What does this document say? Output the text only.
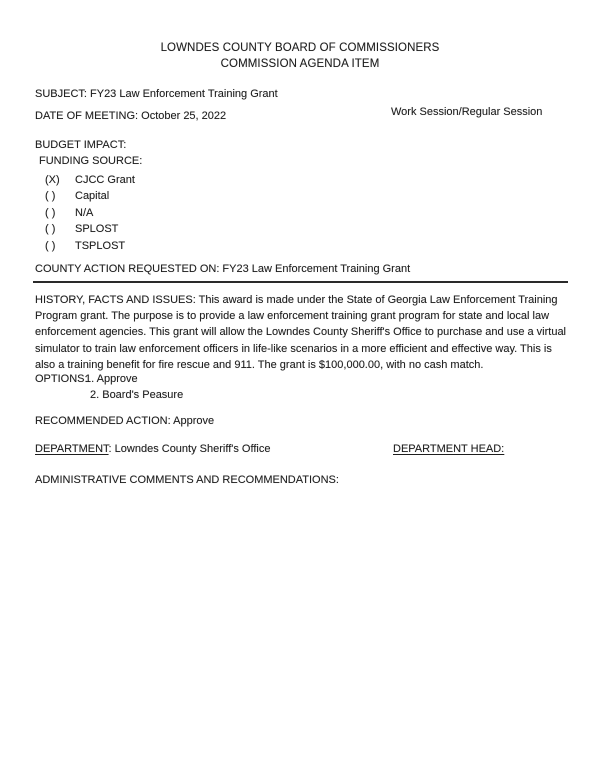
LOWNDES COUNTY BOARD OF COMMISSIONERS
COMMISSION AGENDA ITEM
SUBJECT: FY23 Law Enforcement Training Grant
DATE OF MEETING: October 25, 2022	Work Session/Regular Session
BUDGET IMPACT:
FUNDING SOURCE:
(X) CJCC Grant
( ) Capital
( ) N/A
( ) SPLOST
( ) TSPLOST
COUNTY ACTION REQUESTED ON: FY23 Law Enforcement Training Grant
HISTORY, FACTS AND ISSUES: This award is made under the State of Georgia Law Enforcement Training
Program grant. The purpose is to provide a law enforcement training grant program for state and local law
enforcement agencies. This grant will allow the Lowndes County Sheriff's Office to purchase and use a virtual
simulator to train law enforcement officers in life-like scenarios in a more efficient and effective way. This is
also a training benefit for fire rescue and 911. The grant is $100,000.00, with no cash match.
OPTIONS:
1. Approve
2. Board's Peasure
RECOMMENDED ACTION: Approve
DEPARTMENT: Lowndes County Sheriff's Office	DEPARTMENT HEAD:
ADMINISTRATIVE COMMENTS AND RECOMMENDATIONS:
